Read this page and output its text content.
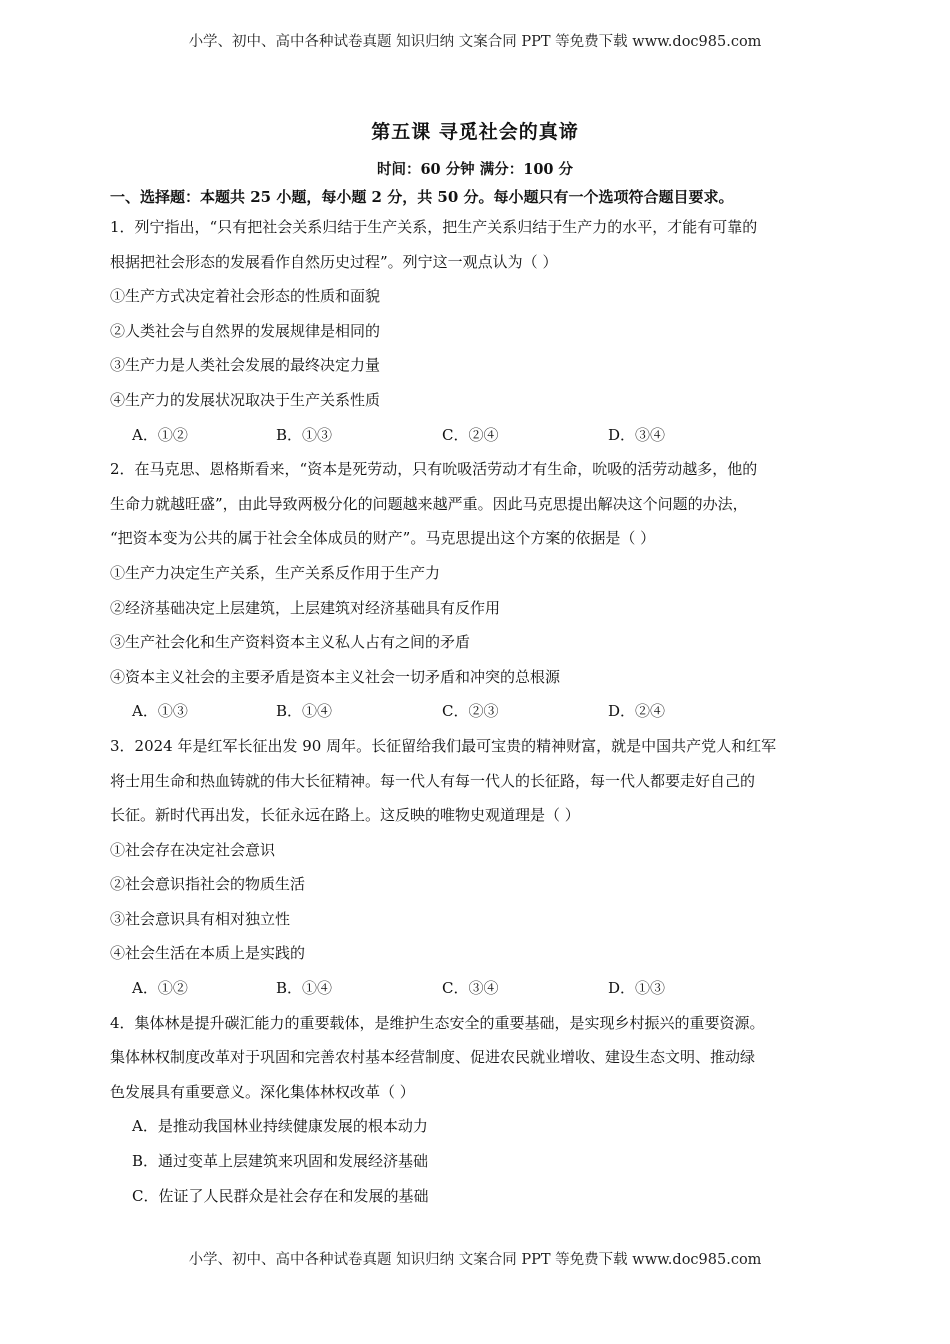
小学、初中、高中各种试卷真题 知识归纳 文案合同 PPT 等免费下载 www.doc985.com
第五课 寻觅社会的真谛
时间：60 分钟 满分：100 分
一、选择题：本题共 25 小题，每小题 2 分，共 50 分。每小题只有一个选项符合题目要求。
1．列宁指出，“只有把社会关系归结于生产关系，把生产关系归结于生产力的水平，才能有可靠的
根据把社会形态的发展看作自然历史过程”。列宁这一观点认为（ ）
①生产方式决定着社会形态的性质和面貌
②人类社会与自然界的发展规律是相同的
③生产力是人类社会发展的最终决定力量
④生产力的发展状况取决于生产关系性质
A．①②	B．①③	C．②④	D．③④
2．在马克思、恩格斯看来，“资本是死劳动，只有吮吸活劳动才有生命，吮吸的活劳动越多，他的
生命力就越旺盛”，由此导致两极分化的问题越来越严重。因此马克思提出解决这个问题的办法，
“把资本变为公共的属于社会全体成员的财产”。马克思提出这个方案的依据是（ ）
①生产力决定生产关系，生产关系反作用于生产力
②经济基础决定上层建筑，上层建筑对经济基础具有反作用
③生产社会化和生产资料资本主义私人占有之间的矛盾
④资本主义社会的主要矛盾是资本主义社会一切矛盾和冲突的总根源
A．①③	B．①④	C．②③	D．②④
3．2024 年是红军长征出发 90 周年。长征留给我们最可宝贵的精神财富，就是中国共产党人和红军
将士用生命和热血铸就的伟大长征精神。每一代人有每一代人的长征路，每一代人都要走好自己的
长征。新时代再出发，长征永远在路上。这反映的唯物史观道理是（ ）
①社会存在决定社会意识
②社会意识指社会的物质生活
③社会意识具有相对独立性
④社会生活在本质上是实践的
A．①②	B．①④	C．③④	D．①③
4．集体林是提升碳汇能力的重要载体，是维护生态安全的重要基础，是实现乡村振兴的重要资源。
集体林权制度改革对于巩固和完善农村基本经营制度、促进农民就业增收、建设生态文明、推动绿
色发展具有重要意义。深化集体林权改革（ ）
A．是推动我国林业持续健康发展的根本动力
B．通过变革上层建筑来巩固和发展经济基础
C．佐证了人民群众是社会存在和发展的基础
小学、初中、高中各种试卷真题 知识归纳 文案合同 PPT 等免费下载 www.doc985.com
